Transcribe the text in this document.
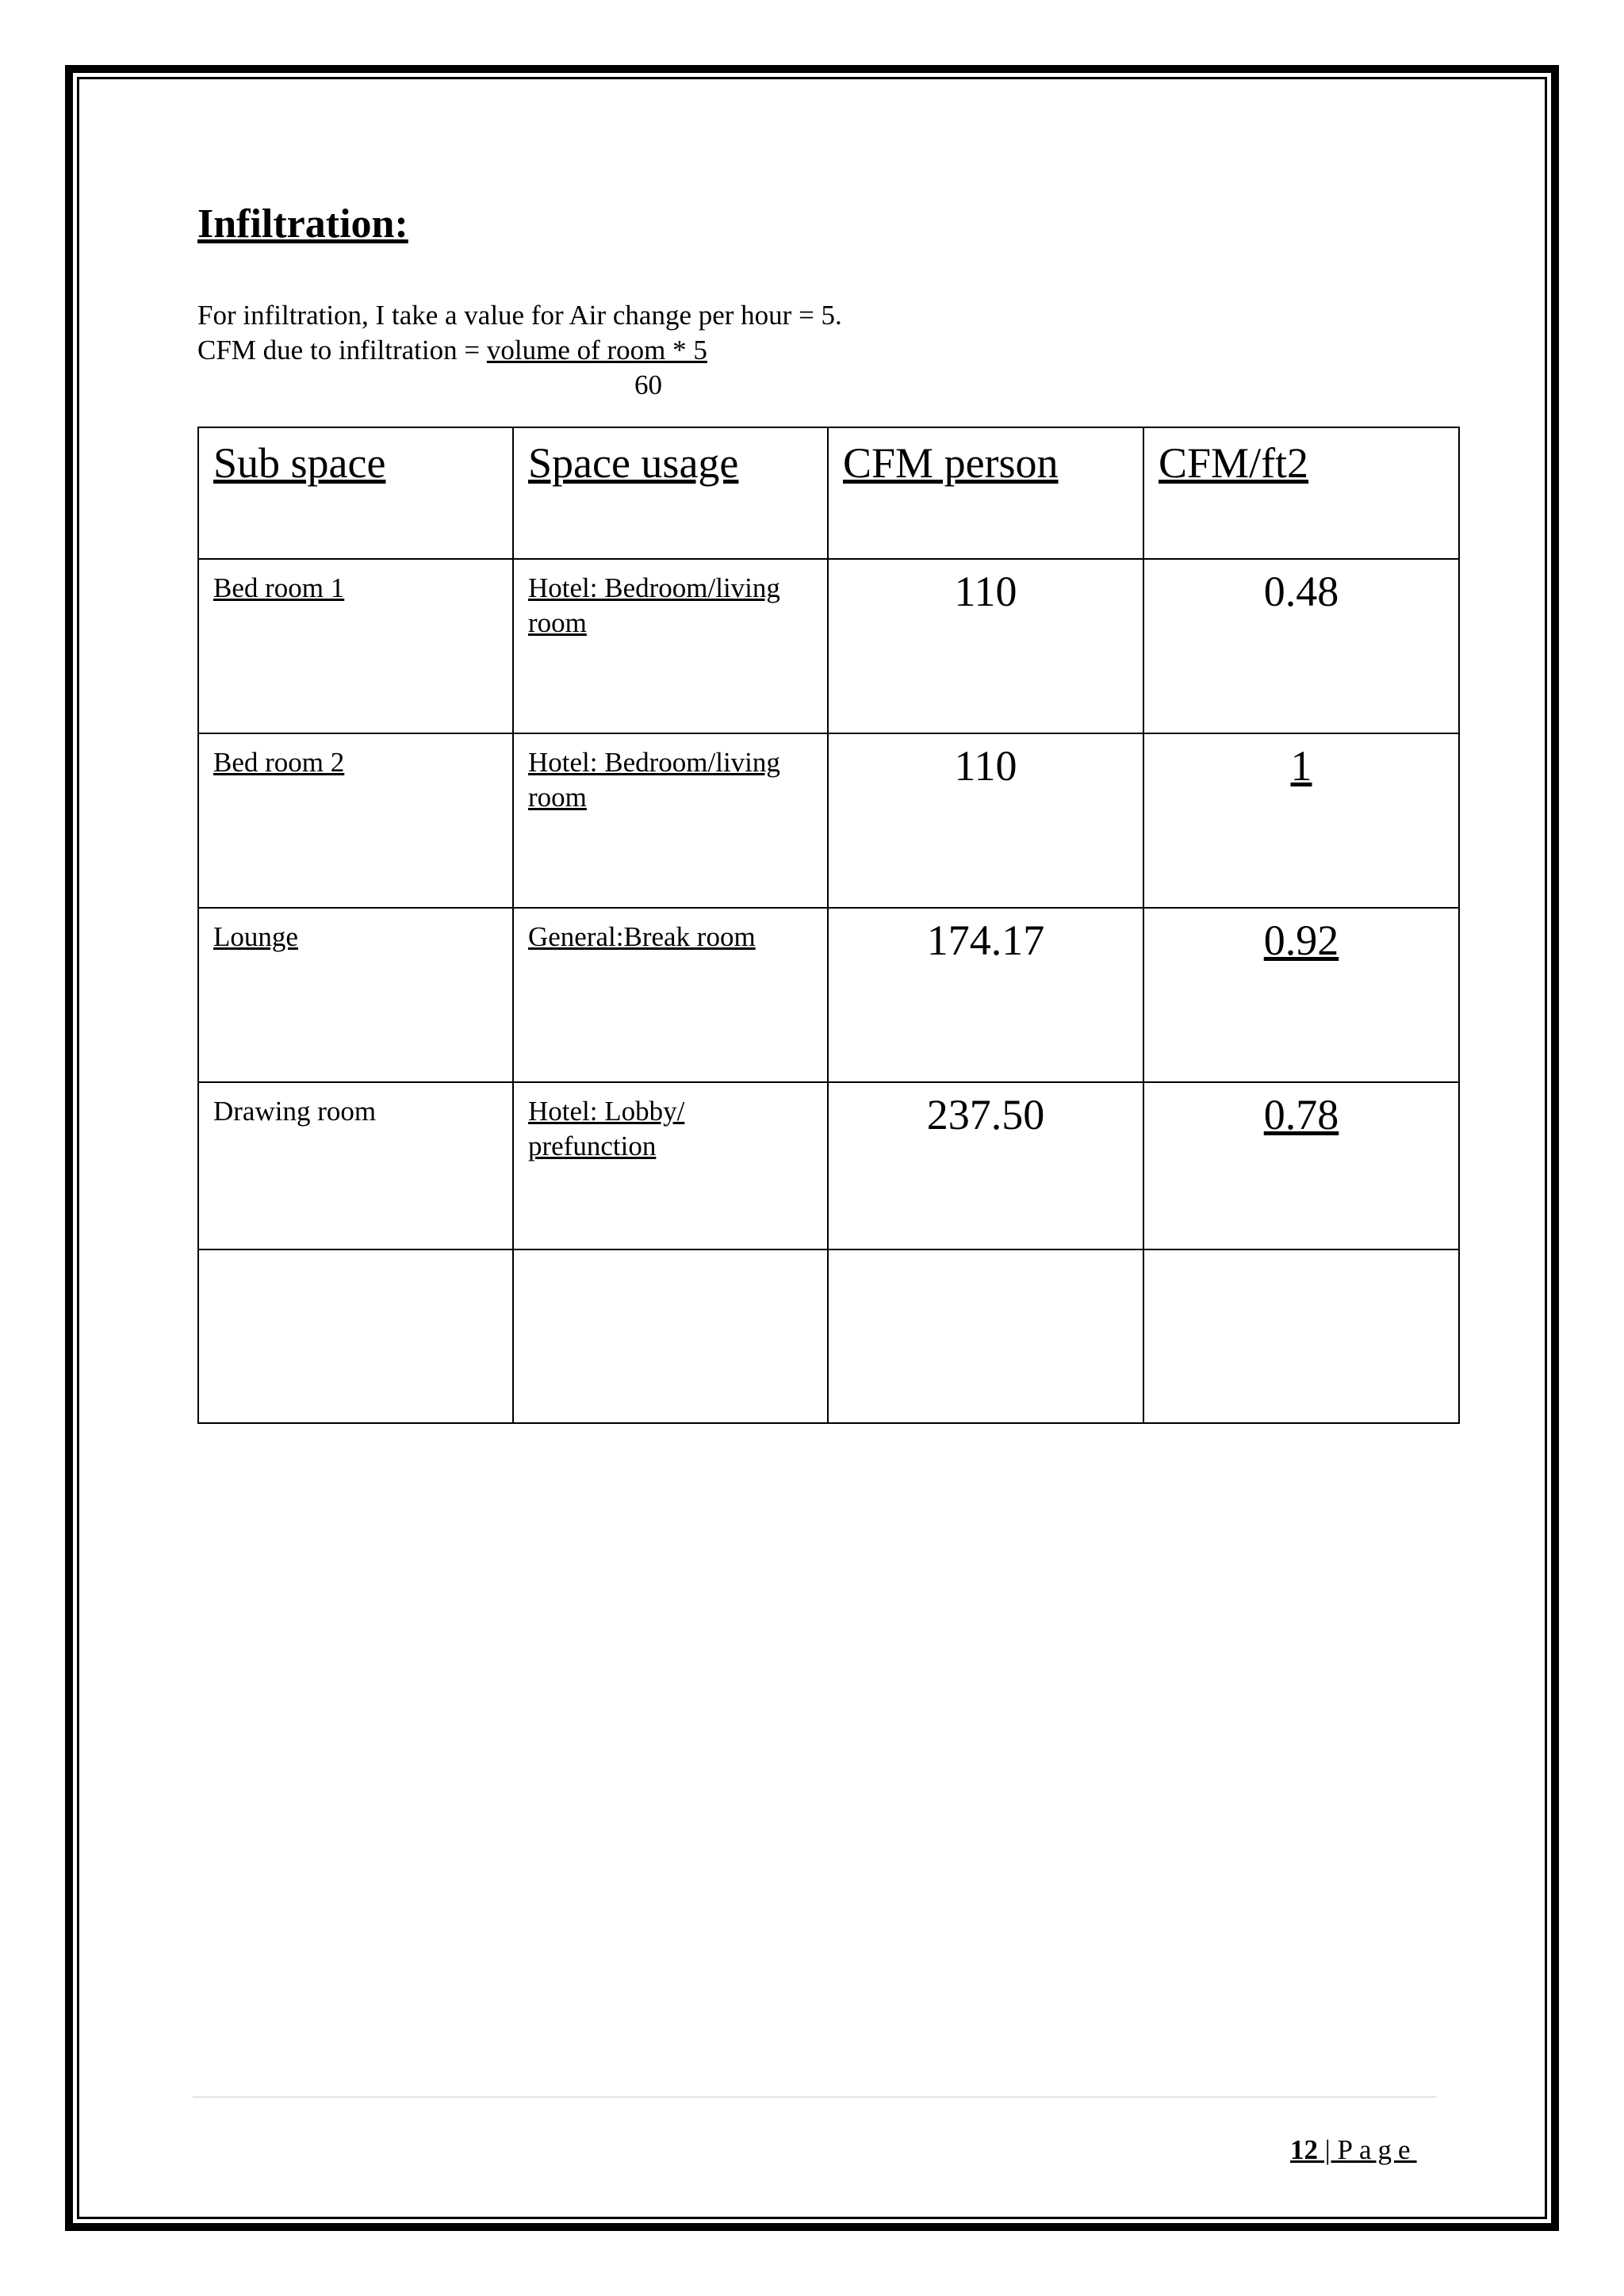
Infiltration:
For infiltration, I take a value for Air change per hour = 5.
CFM due to infiltration = volume of room * 5
60
Sub space	Space usage	CFM person	CFM/ft2
Bed room 1	Hotel: Bedroom/living room	110	0.48
Bed room 2	Hotel: Bedroom/living room	110	1
Lounge	General:Break room	174.17	0.92
Drawing room	Hotel: Lobby/ prefunction	237.50	0.78

12 | Page
